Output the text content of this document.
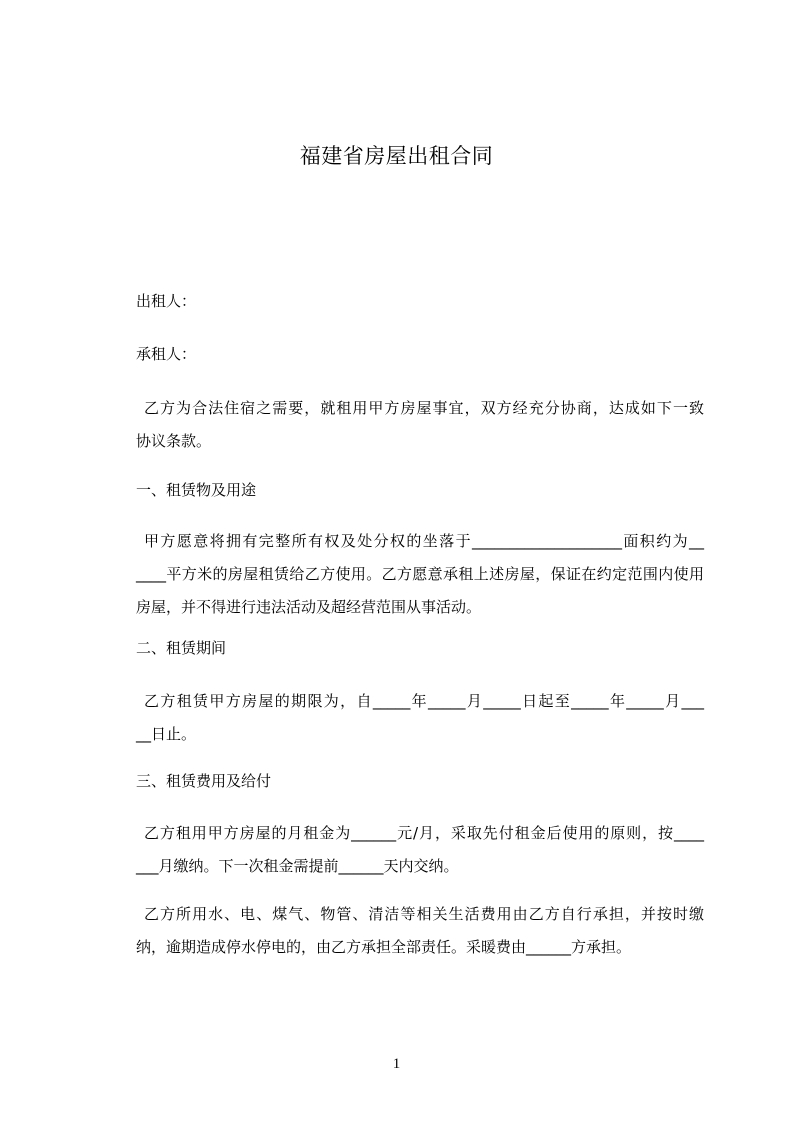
福建省房屋出租合同
出租人：
承租人：
乙方为合法住宿之需要，就租用甲方房屋事宜，双方经充分协商，达成如下一致
协议条款。
一、租赁物及用途
甲方愿意将拥有完整所有权及处分权的坐落于____________________面积约为__
____平方米的房屋租赁给乙方使用。乙方愿意承租上述房屋，保证在约定范围内使用
房屋，并不得进行违法活动及超经营范围从事活动。
二、租赁期间
乙方租赁甲方房屋的期限为，自_____年_____月_____日起至_____年_____月___
__日止。
三、租赁费用及给付
乙方租用甲方房屋的月租金为______元/月，采取先付租金后使用的原则，按____
___月缴纳。下一次租金需提前______天内交纳。
乙方所用水、电、煤气、物管、清洁等相关生活费用由乙方自行承担，并按时缴
纳，逾期造成停水停电的，由乙方承担全部责任。采暖费由______方承担。
1
